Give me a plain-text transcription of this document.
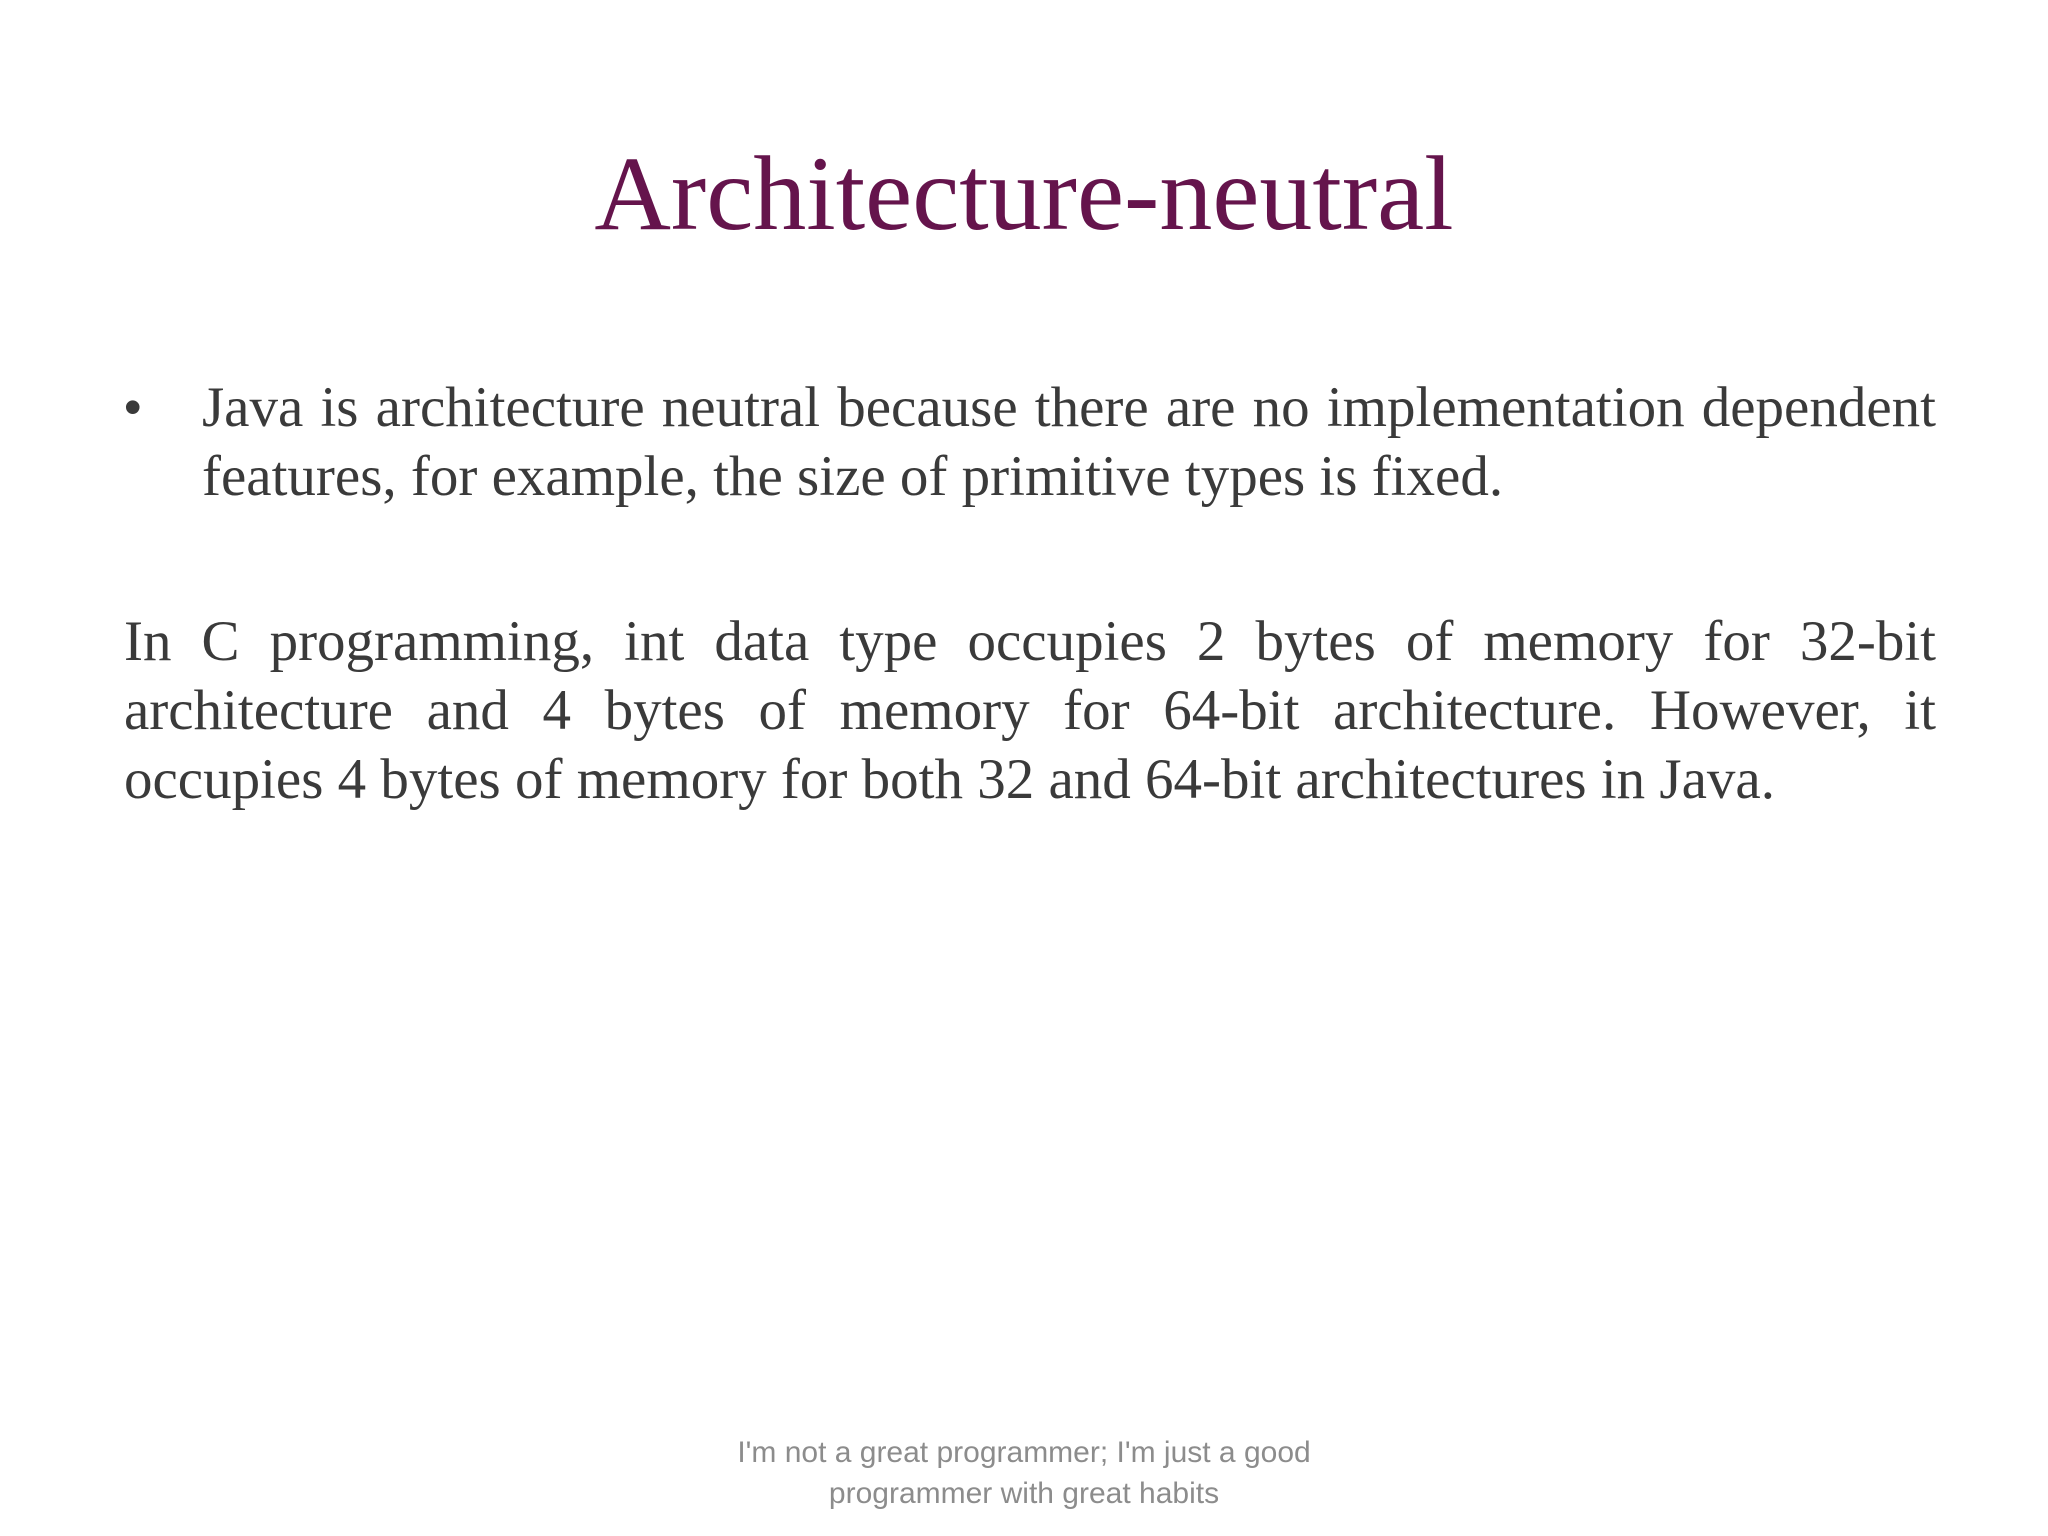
Architecture-neutral
•	Java is architecture neutral because there are no implementation dependent features, for example, the size of primitive types is fixed.
In C programming, int data type occupies 2 bytes of memory for 32-bit architecture and 4 bytes of memory for 64-bit architecture. However, it occupies 4 bytes of memory for both 32 and 64-bit architectures in Java.
I'm not a great programmer; I'm just a good
programmer with great habits
